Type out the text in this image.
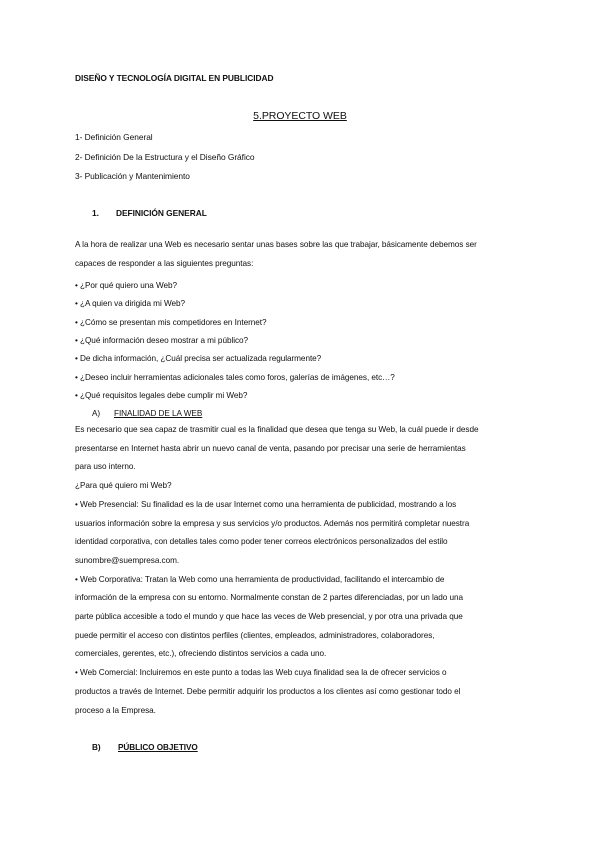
DISEÑO Y TECNOLOGÍA DIGITAL EN PUBLICIDAD
5.PROYECTO WEB
1- Definición General
2- Definición De la Estructura y el Diseño Gráfico
3- Publicación y Mantenimiento
1. DEFINICIÓN GENERAL
A la hora de realizar una Web es necesario sentar unas bases sobre las que trabajar, básicamente debemos ser
capaces de responder a las siguientes preguntas:
• ¿Por qué quiero una Web?
• ¿A quien va dirigida mi Web?
• ¿Cómo se presentan mis competidores en Internet?
• ¿Qué información deseo mostrar a mi público?
• De dicha información, ¿Cuál precisa ser actualizada regularmente?
• ¿Deseo incluir herramientas adicionales tales como foros, galerías de imágenes, etc…?
• ¿Qué requisitos legales debe cumplir mi Web?
A) FINALIDAD DE LA WEB
Es necesario que sea capaz de trasmitir cual es la finalidad que desea que tenga su Web, la cuál puede ir desde
presentarse en Internet hasta abrir un nuevo canal de venta, pasando por precisar una serie de herramientas
para uso interno.
¿Para qué quiero mi Web?
• Web Presencial: Su finalidad es la de usar Internet como una herramienta de publicidad, mostrando a los
usuarios información sobre la empresa y sus servicios y/o productos. Además nos permitirá completar nuestra
identidad corporativa, con detalles tales como poder tener correos electrónicos personalizados del estilo
sunombre@suempresa.com.
• Web Corporativa: Tratan la Web como una herramienta de productividad, facilitando el intercambio de
información de la empresa con su entorno. Normalmente constan de 2 partes diferenciadas, por un lado una
parte pública accesible a todo el mundo y que hace las veces de Web presencial, y por otra una privada que
puede permitir el acceso con distintos perfiles (clientes, empleados, administradores, colaboradores,
comerciales, gerentes, etc.), ofreciendo distintos servicios a cada uno.
• Web Comercial: Incluiremos en este punto a todas las Web cuya finalidad sea la de ofrecer servicios o
productos a través de Internet. Debe permitir adquirir los productos a los clientes así como gestionar todo el
proceso a la Empresa.
B) PÚBLICO OBJETIVO
